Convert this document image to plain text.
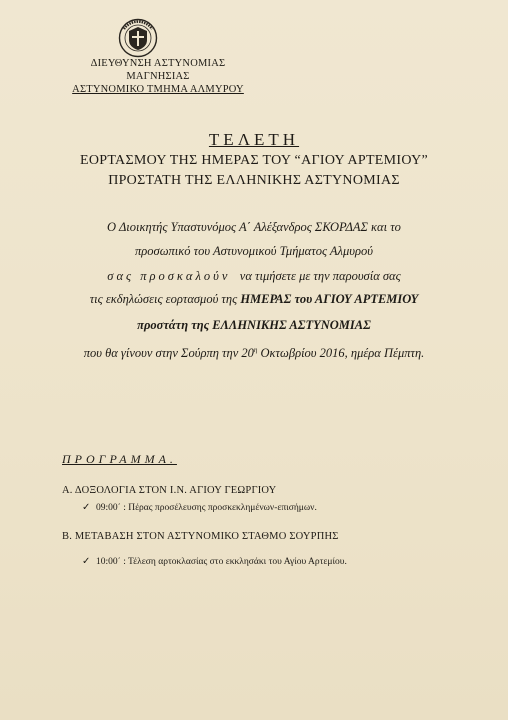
ΔΙΕΥΘΥΝΣΗ ΑΣΤΥΝΟΜΙΑΣ
ΜΑΓΝΗΣΙΑΣ
ΑΣΤΥΝΟΜΙΚΟ ΤΜΗΜΑ ΑΛΜΥΡΟΥ
ΤΕΛΕΤΗ
ΕΟΡΤΑΣΜΟΥ ΤΗΣ ΗΜΕΡΑΣ ΤΟΥ “ΑΓΙΟΥ ΑΡΤΕΜΙΟΥ”
ΠΡΟΣΤΑΤΗ ΤΗΣ ΕΛΛΗΝΙΚΗΣ ΑΣΤΥΝΟΜΙΑΣ
Ο Διοικητής Υπαστυνόμος Α΄ Αλέξανδρος ΣΚΟΡΔΑΣ και το
προσωπικό του Αστυνομικού Τμήματος Αλμυρού
σας προσκαλούν να τιμήσετε με την παρουσία σας
τις εκδηλώσεις εορτασμού της ΗΜΕΡΑΣ του ΑΓΙΟΥ ΑΡΤΕΜΙΟΥ
προστάτη της ΕΛΛΗΝΙΚΗΣ ΑΣΤΥΝΟΜΙΑΣ
που θα γίνουν στην Σούρπη την $20^\eta$ Οκτωβρίου 2016, ημέρα Πέμπτη.
ΠΡΟΓΡΑΜΜΑ.
Α. ΔΟΞΟΛΟΓΙΑ ΣΤΟΝ Ι.Ν. ΑΓΙΟΥ ΓΕΩΡΓΙΟΥ
✓ 09:00΄ : Πέρας προσέλευσης προσκεκλημένων-επισήμων.
Β. ΜΕΤΑΒΑΣΗ ΣΤΟΝ ΑΣΤΥΝΟΜΙΚΟ ΣΤΑΘΜΟ ΣΟΥΡΠΗΣ
✓ 10:00΄ : Τέλεση αρτοκλασίας στο εκκλησάκι του Αγίου Αρτεμίου.
